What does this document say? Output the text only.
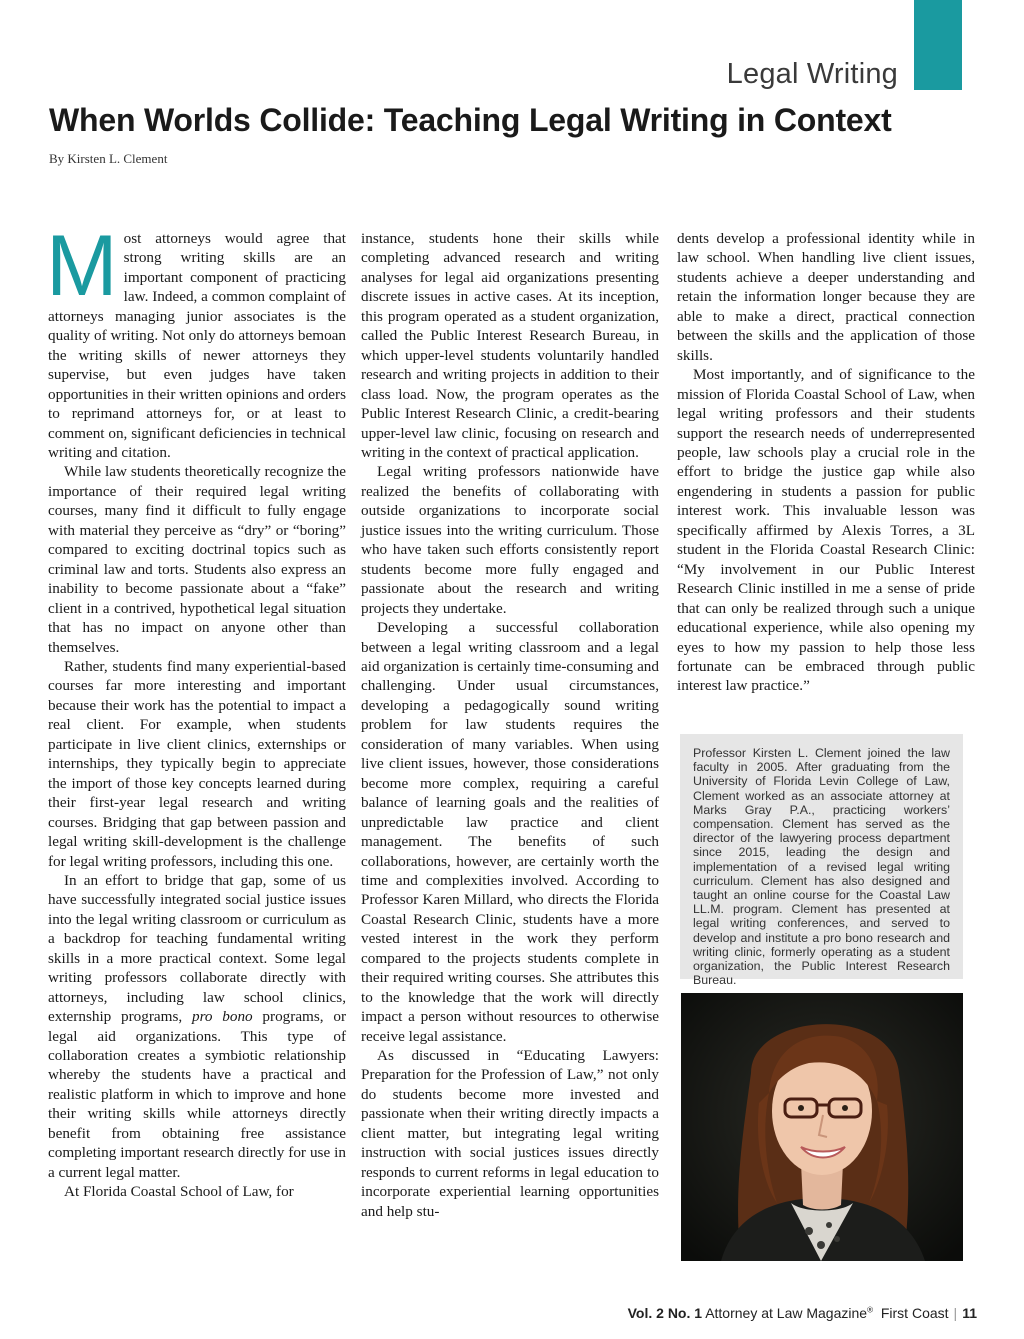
Legal Writing
When Worlds Collide: Teaching Legal Writing in Context

By Kirsten L. Clement

Most attorneys would agree that strong writing skills are an important component of practicing law. Indeed, a common complaint of attorneys managing junior associates is the quality of writing. Not only do attorneys bemoan the writing skills of newer attorneys they supervise, but even judges have taken opportunities in their written opinions and orders to reprimand attorneys for, or at least to comment on, significant deficiencies in technical writing and citation.

While law students theoretically recognize the importance of their required legal writing courses, many find it difficult to fully engage with material they perceive as “dry” or “boring” compared to exciting doctrinal topics such as criminal law and torts. Students also express an inability to become passionate about a “fake” client in a contrived, hypothetical legal situation that has no impact on anyone other than themselves.

Rather, students find many experiential-based courses far more interesting and important because their work has the potential to impact a real client. For example, when students participate in live client clinics, externships or internships, they typically begin to appreciate the import of those key concepts learned during their first-year legal research and writing courses. Bridging that gap between passion and legal writing skill-development is the challenge for legal writing professors, including this one.

In an effort to bridge that gap, some of us have successfully integrated social justice issues into the legal writing classroom or curriculum as a backdrop for teaching fundamental writing skills in a more practical context. Some legal writing professors collaborate directly with attorneys, including law school clinics, externship programs, pro bono programs, or legal aid organizations. This type of collaboration creates a symbiotic relationship whereby the students have a practical and realistic platform in which to improve and hone their writing skills while attorneys directly benefit from obtaining free assistance completing important research directly for use in a current legal matter.

At Florida Coastal School of Law, for

instance, students hone their skills while completing advanced research and writing analyses for legal aid organizations presenting discrete issues in active cases. At its inception, this program operated as a student organization, called the Public Interest Research Bureau, in which upper-level students voluntarily handled research and writing projects in addition to their class load. Now, the program operates as the Public Interest Research Clinic, a credit-bearing upper-level law clinic, focusing on research and writing in the context of practical application.

Legal writing professors nationwide have realized the benefits of collaborating with outside organizations to incorporate social justice issues into the writing curriculum. Those who have taken such efforts consistently report students become more fully engaged and passionate about the research and writing projects they undertake.

Developing a successful collaboration between a legal writing classroom and a legal aid organization is certainly time-consuming and challenging. Under usual circumstances, developing a pedagogically sound writing problem for law students requires the consideration of many variables. When using live client issues, however, those considerations become more complex, requiring a careful balance of learning goals and the realities of unpredictable law practice and client management. The benefits of such collaborations, however, are certainly worth the time and complexities involved. According to Professor Karen Millard, who directs the Florida Coastal Research Clinic, students have a more vested interest in the work they perform compared to the projects students complete in their required writing courses. She attributes this to the knowledge that the work will directly impact a person without resources to otherwise receive legal assistance.

As discussed in “Educating Lawyers: Preparation for the Profession of Law,” not only do students become more invested and passionate when their writing directly impacts a client matter, but integrating legal writing instruction with social justices issues directly responds to current reforms in legal education to incorporate experiential learning opportunities and help stu-

dents develop a professional identity while in law school. When handling live client issues, students achieve a deeper understanding and retain the information longer because they are able to make a direct, practical connection between the skills and the application of those skills.

Most importantly, and of significance to the mission of Florida Coastal School of Law, when legal writing professors and their students support the research needs of underrepresented people, law schools play a crucial role in the effort to bridge the justice gap while also engendering in students a passion for public interest work. This invaluable lesson was specifically affirmed by Alexis Torres, a 3L student in the Florida Coastal Research Clinic: “My involvement in our Public Interest Research Clinic instilled in me a sense of pride that can only be realized through such a unique educational experience, while also opening my eyes to how my passion to help those less fortunate can be embraced through public interest law practice.”

Professor Kirsten L. Clement joined the law faculty in 2005. After graduating from the University of Florida Levin College of Law, Clement worked as an associate attorney at Marks Gray P.A., practicing workers’ compensation. Clement has served as the director of the lawyering process department since 2015, leading the design and implementation of a revised legal writing curriculum. Clement has also designed and taught an online course for the Coastal Law LL.M. program. Clement has presented at legal writing conferences, and served to develop and institute a pro bono research and writing clinic, formerly operating as a student organization, the Public Interest Research Bureau.
Vol. 2 No. 1 Attorney at Law Magazine® First Coast | 11
